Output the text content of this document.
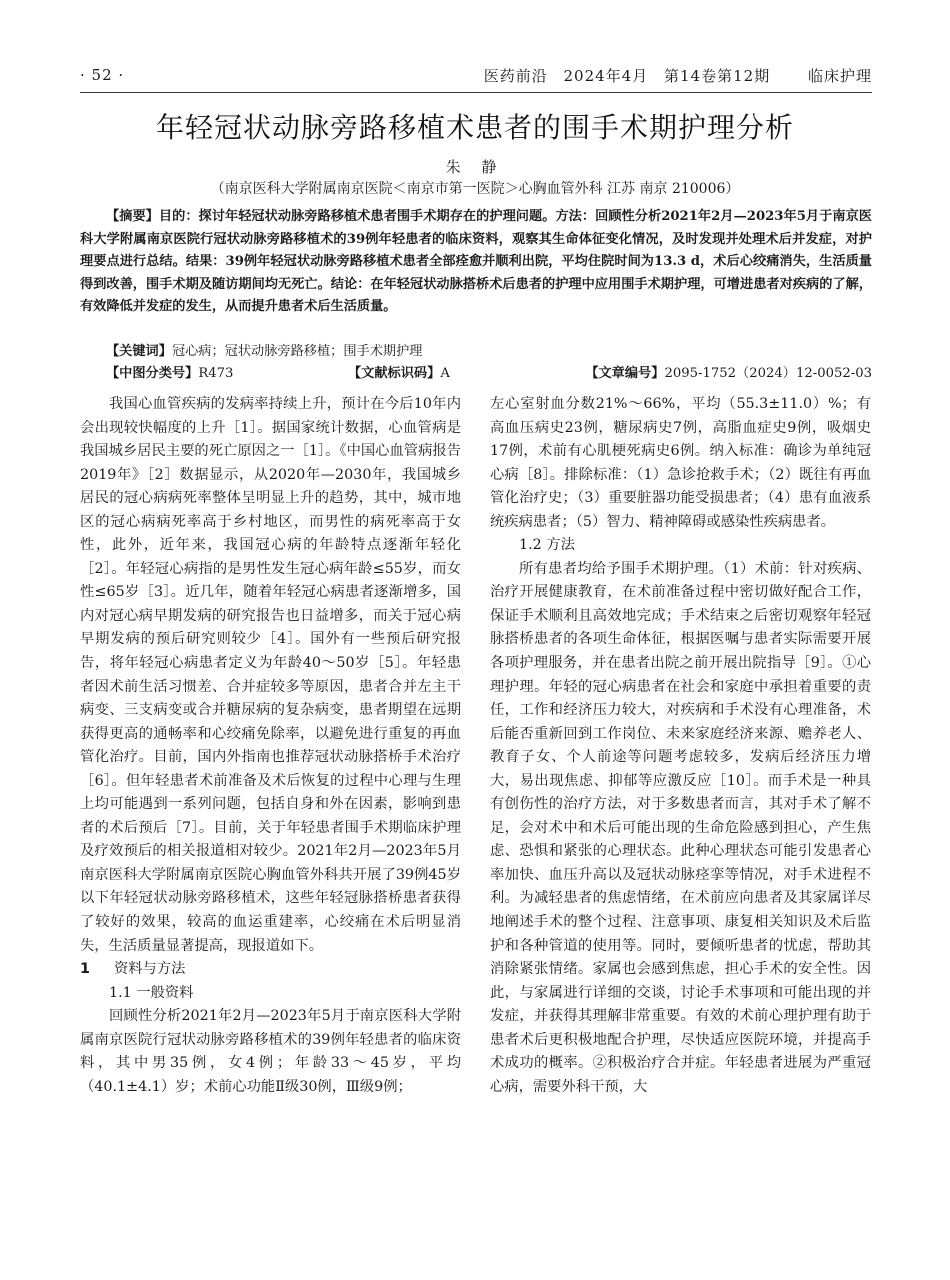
· 52 ·	医药前沿 2024年4月 第14卷第12期	临床护理
年轻冠状动脉旁路移植术患者的围手术期护理分析
朱 静
（南京医科大学附属南京医院＜南京市第一医院＞心胸血管外科 江苏 南京 210006）
【摘要】目的：探讨年轻冠状动脉旁路移植术患者围手术期存在的护理问题。方法：回顾性分析2021年2月—2023年5月于南京医科大学附属南京医院行冠状动脉旁路移植术的39例年轻患者的临床资料，观察其生命体征变化情况，及时发现并处理术后并发症，对护理要点进行总结。结果：39例年轻冠状动脉旁路移植术患者全部痊愈并顺利出院，平均住院时间为13.3 d，术后心绞痛消失，生活质量得到改善，围手术期及随访期间均无死亡。结论：在年轻冠状动脉搭桥术后患者的护理中应用围手术期护理，可增进患者对疾病的了解，有效降低并发症的发生，从而提升患者术后生活质量。
【关键词】冠心病；冠状动脉旁路移植；围手术期护理
【中图分类号】R473	【文献标识码】A	【文章编号】2095-1752（2024）12-0052-03

我国心血管疾病的发病率持续上升，预计在今后10年内会出现较快幅度的上升［1］。据国家统计数据，心血管病是我国城乡居民主要的死亡原因之一［1］。《中国心血管病报告2019年》［2］数据显示，从2020年—2030年，我国城乡居民的冠心病病死率整体呈明显上升的趋势，其中，城市地区的冠心病病死率高于乡村地区，而男性的病死率高于女性，此外，近年来，我国冠心病的年龄特点逐渐年轻化［2］。年轻冠心病指的是男性发生冠心病年龄≤55岁，而女性≤65岁［3］。近几年，随着年轻冠心病患者逐渐增多，国内对冠心病早期发病的研究报告也日益增多，而关于冠心病早期发病的预后研究则较少［4］。国外有一些预后研究报告，将年轻冠心病患者定义为年龄40～50岁［5］。年轻患者因术前生活习惯差、合并症较多等原因，患者合并左主干病变、三支病变或合并糖尿病的复杂病变，患者期望在远期获得更高的通畅率和心绞痛免除率，以避免进行重复的再血管化治疗。目前，国内外指南也推荐冠状动脉搭桥手术治疗［6］。但年轻患者术前准备及术后恢复的过程中心理与生理上均可能遇到一系列问题，包括自身和外在因素，影响到患者的术后预后［7］。目前，关于年轻患者围手术期临床护理及疗效预后的相关报道相对较少。2021年2月—2023年5月南京医科大学附属南京医院心胸血管外科共开展了39例45岁以下年轻冠状动脉旁路移植术，这些年轻冠脉搭桥患者获得了较好的效果，较高的血运重建率，心绞痛在术后明显消失，生活质量显著提高，现报道如下。

1 资料与方法
1.1 一般资料

回顾性分析2021年2月—2023年5月于南京医科大学附属南京医院行冠状动脉旁路移植术的39例年轻患者的临床资料，其中男35例，女4例；年龄33～45岁，平均（40.1±4.1）岁；术前心功能Ⅱ级30例，Ⅲ级9例；

左心室射血分数21%～66%，平均（55.3±11.0）%；有高血压病史23例，糖尿病史7例，高脂血症史9例，吸烟史17例，术前有心肌梗死病史6例。纳入标准：确诊为单纯冠心病［8］。排除标准：（1）急诊抢救手术；（2）既往有再血管化治疗史；（3）重要脏器功能受损患者；（4）患有血液系统疾病患者；（5）智力、精神障碍或感染性疾病患者。

1.2 方法

所有患者均给予围手术期护理。（1）术前：针对疾病、治疗开展健康教育，在术前准备过程中密切做好配合工作，保证手术顺利且高效地完成；手术结束之后密切观察年轻冠脉搭桥患者的各项生命体征，根据医嘱与患者实际需要开展各项护理服务，并在患者出院之前开展出院指导［9］。①心理护理。年轻的冠心病患者在社会和家庭中承担着重要的责任，工作和经济压力较大，对疾病和手术没有心理准备，术后能否重新回到工作岗位、未来家庭经济来源、赡养老人、教育子女、个人前途等问题考虑较多，发病后经济压力增大，易出现焦虑、抑郁等应激反应［10］。而手术是一种具有创伤性的治疗方法，对于多数患者而言，其对手术了解不足，会对术中和术后可能出现的生命危险感到担心，产生焦虑、恐惧和紧张的心理状态。此种心理状态可能引发患者心率加快、血压升高以及冠状动脉痉挛等情况，对手术进程不利。为减轻患者的焦虑情绪，在术前应向患者及其家属详尽地阐述手术的整个过程、注意事项、康复相关知识及术后监护和各种管道的使用等。同时，要倾听患者的忧虑，帮助其消除紧张情绪。家属也会感到焦虑，担心手术的安全性。因此，与家属进行详细的交谈，讨论手术事项和可能出现的并发症，并获得其理解非常重要。有效的术前心理护理有助于患者术后更积极地配合护理，尽快适应医院环境，并提高手术成功的概率。②积极治疗合并症。年轻患者进展为严重冠心病，需要外科干预，大
